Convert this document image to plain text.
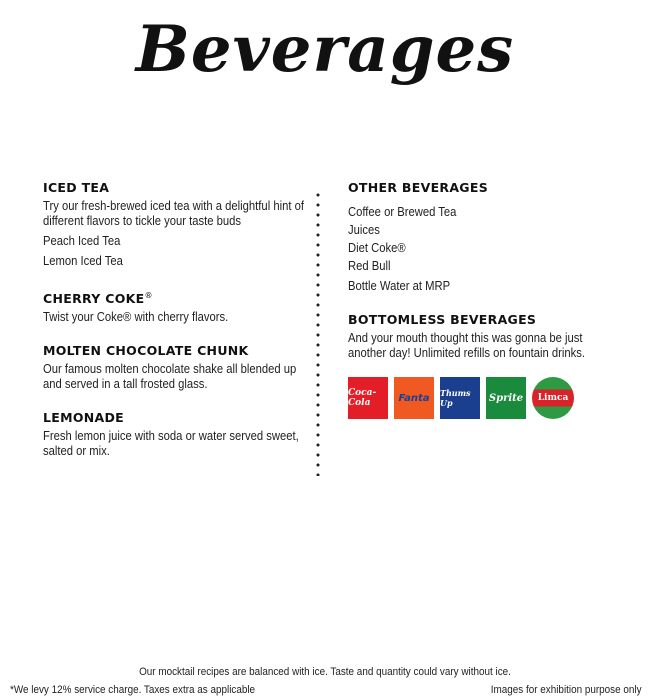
Beverages
ICED TEA
Try our fresh-brewed iced tea with a delightful hint of different flavors to tickle your taste buds
Peach Iced Tea
Lemon Iced Tea
CHERRY COKE®
Twist your Coke® with cherry flavors.
MOLTEN CHOCOLATE CHUNK
Our famous molten chocolate shake all blended up and served in a tall frosted glass.
LEMONADE
Fresh lemon juice with soda or water served sweet, salted or mix.
OTHER BEVERAGES
Coffee or Brewed Tea
Juices
Diet Coke®
Red Bull
Bottle Water at MRP
BOTTOMLESS BEVERAGES
And your mouth thought this was gonna be just another day! Unlimited refills on fountain drinks.
Coca-Cola	Fanta	Thums Up	Sprite	Limca
Our mocktail recipes are balanced with ice. Taste and quantity could vary without ice.
*We levy 12% service charge. Taxes extra as applicable	Images for exhibition purpose only
